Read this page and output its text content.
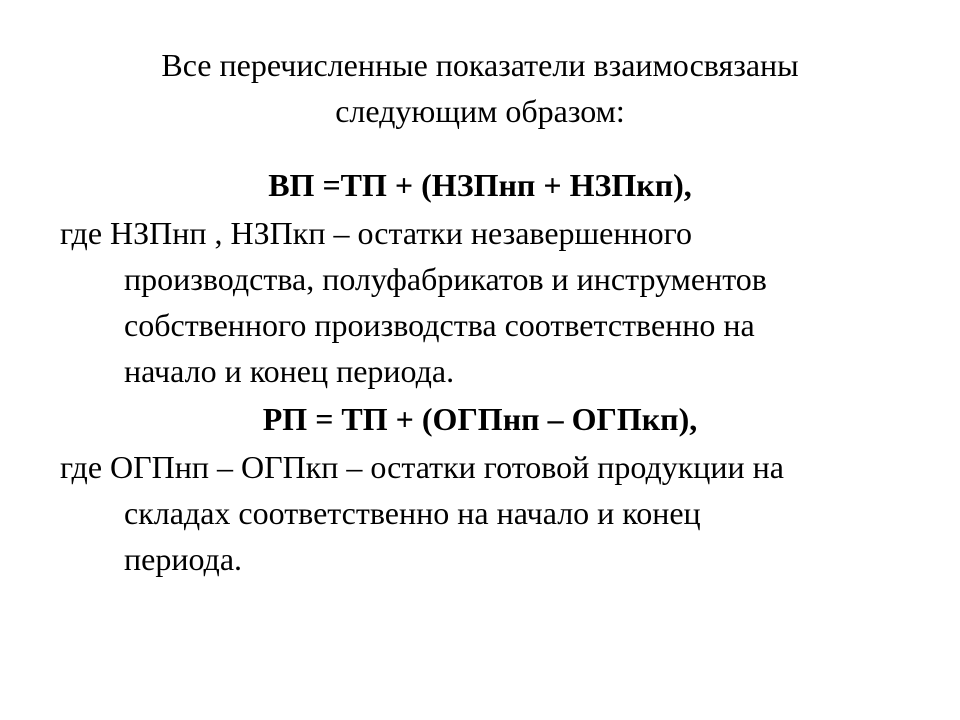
Все перечисленные показатели взаимосвязаны
следующим образом:

ВП =ТП + (НЗПнп + НЗПкп),

где НЗПнп , НЗПкп – остатки незавершенного
производства, полуфабрикатов и инструментов
собственного производства соответственно на
начало и конец периода.

РП = ТП + (ОГПнп – ОГПкп),

где ОГПнп – ОГПкп – остатки готовой продукции на
складах соответственно на начало и конец
периода.
